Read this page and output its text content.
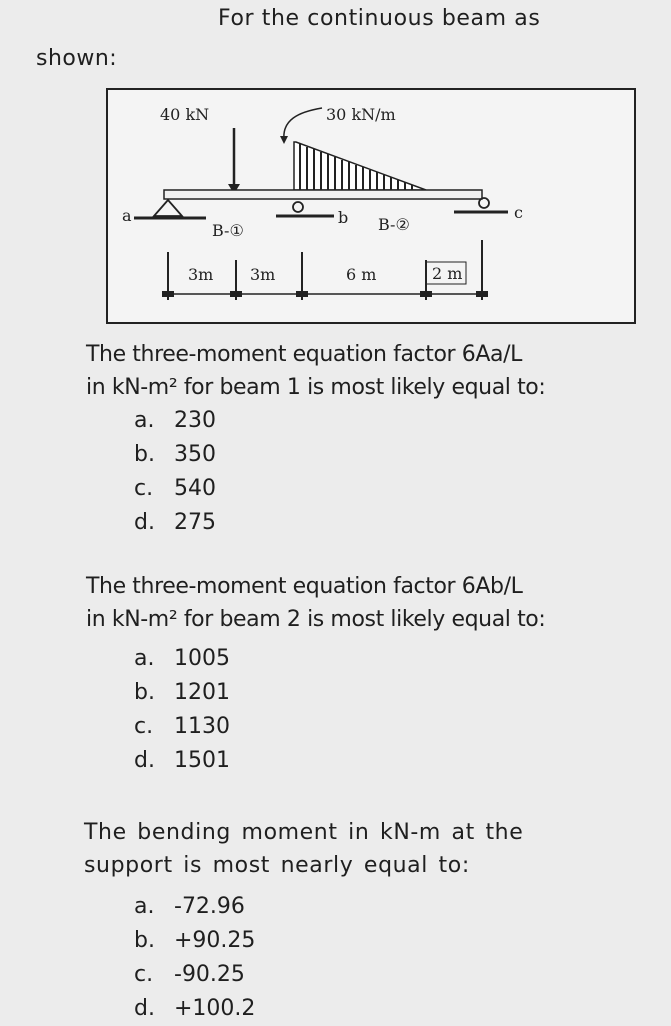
For the continuous beam as
shown:
40 kN	30 kN/m
a
B-①
b B-②
c
3m 3m	6 m	2 m
The three-moment equation factor 6Aa/L
in kN-m² for beam 1 is most likely equal to:
a. 230
b. 350
c. 540
d. 275
The three-moment equation factor 6Ab/L
in kN-m² for beam 2 is most likely equal to:
a. 1005
b. 1201
c. 1130
d. 1501
The bending moment in kN-m at the
support is most nearly equal to:
a. -72.96
b. +90.25
c. -90.25
d. +100.2
